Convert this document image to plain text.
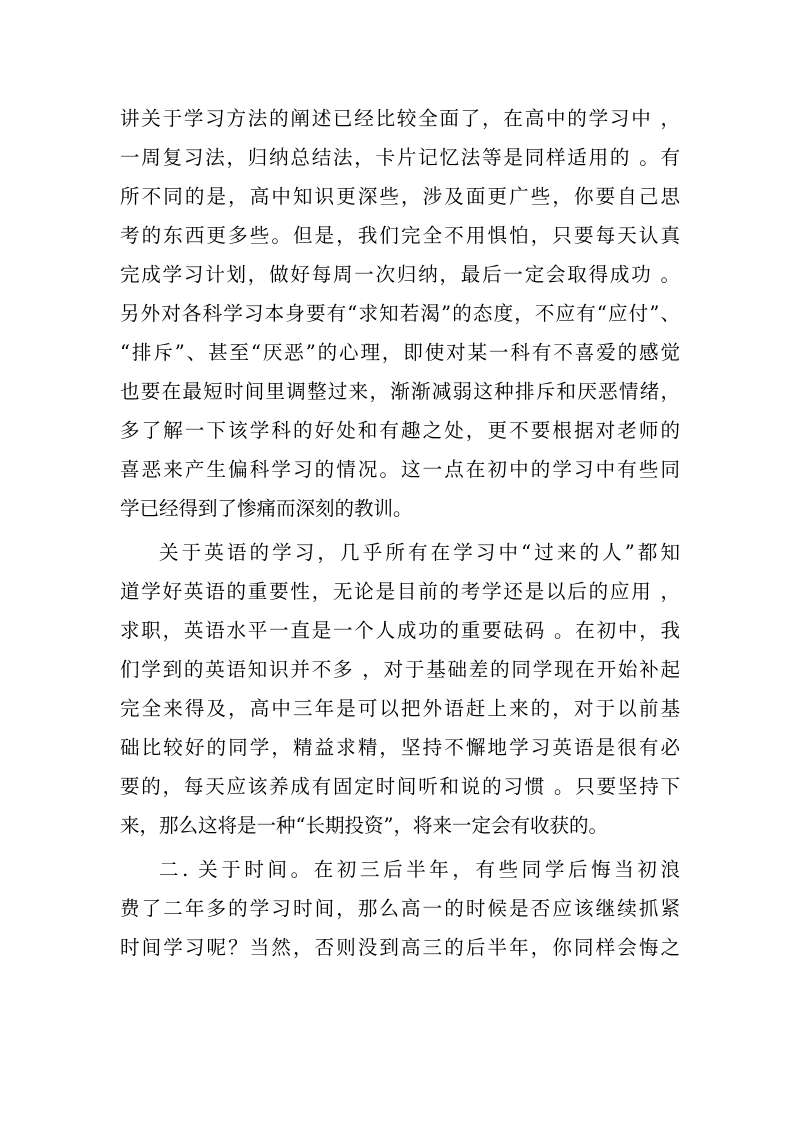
讲关于学习方法的阐述已经比较全面了，在高中的学习中 ，
一周复习法，归纳总结法，卡片记忆法等是同样适用的 。有
所不同的是，高中知识更深些，涉及面更广些，你要自己思
考的东西更多些。但是，我们完全不用惧怕，只要每天认真
完成学习计划，做好每周一次归纳，最后一定会取得成功 。
另外对各科学习本身要有“求知若渴”的态度，不应有“应付”、
“排斥”、甚至“厌恶”的心理，即使对某一科有不喜爱的感觉
也要在最短时间里调整过来，渐渐减弱这种排斥和厌恶情绪，
多了解一下该学科的好处和有趣之处，更不要根据对老师的
喜恶来产生偏科学习的情况。这一点在初中的学习中有些同
学已经得到了惨痛而深刻的教训。
关于英语的学习，几乎所有在学习中“过来的人”都知
道学好英语的重要性，无论是目前的考学还是以后的应用 ，
求职，英语水平一直是一个人成功的重要砝码 。在初中，我
们学到的英语知识并不多 ，对于基础差的同学现在开始补起
完全来得及，高中三年是可以把外语赶上来的，对于以前基
础比较好的同学，精益求精，坚持不懈地学习英语是很有必
要的，每天应该养成有固定时间听和说的习惯 。只要坚持下
来，那么这将是一种“长期投资”，将来一定会有收获的。
二. 关于时间。在初三后半年，有些同学后悔当初浪
费了二年多的学习时间，那么高一的时候是否应该继续抓紧
时间学习呢？当然，否则没到高三的后半年，你同样会悔之
